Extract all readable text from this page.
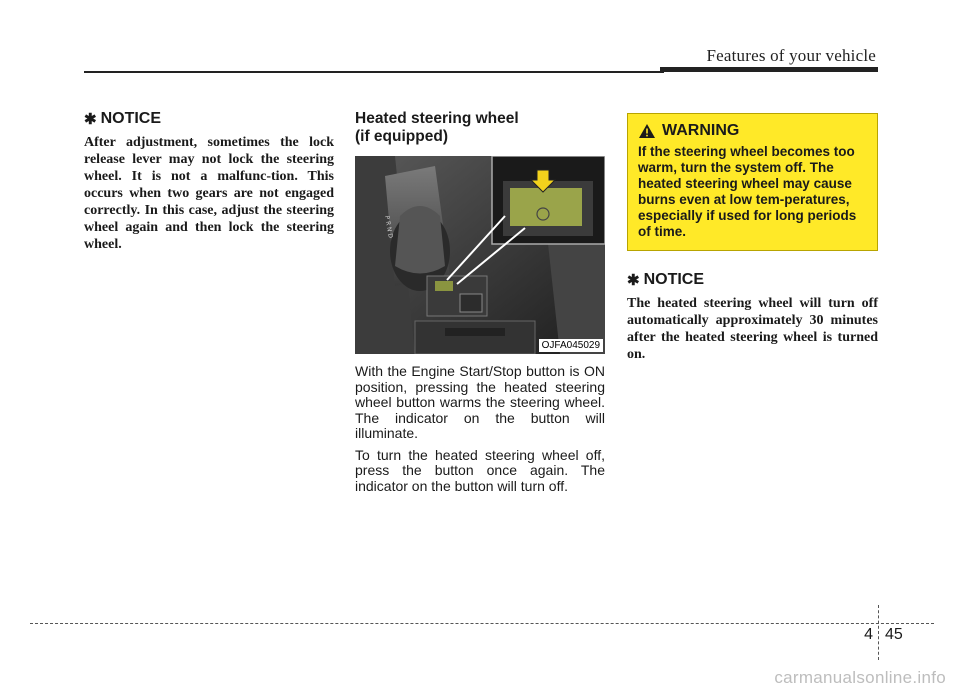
Features of your vehicle
✱ NOTICE

After adjustment, sometimes the lock release lever may not lock the steering wheel. It is not a malfunc-tion. This occurs when two gears are not engaged correctly. In this case, adjust the steering wheel again and then lock the steering wheel.

Heated steering wheel
(if equipped)
P R N D
OJFA045029

With the Engine Start/Stop button is ON position, pressing the heated steering wheel button warms the steering wheel. The indicator on the button will illuminate.

To turn the heated steering wheel off, press the button once again. The indicator on the button will turn off.

WARNING

If the steering wheel becomes too warm, turn the system off. The heated steering wheel may cause burns even at low tem-peratures, especially if used for long periods of time.

✱ NOTICE

The heated steering wheel will turn off automatically approximately 30 minutes after the heated steering wheel is turned on.

4 45
carmanualsonline.info
